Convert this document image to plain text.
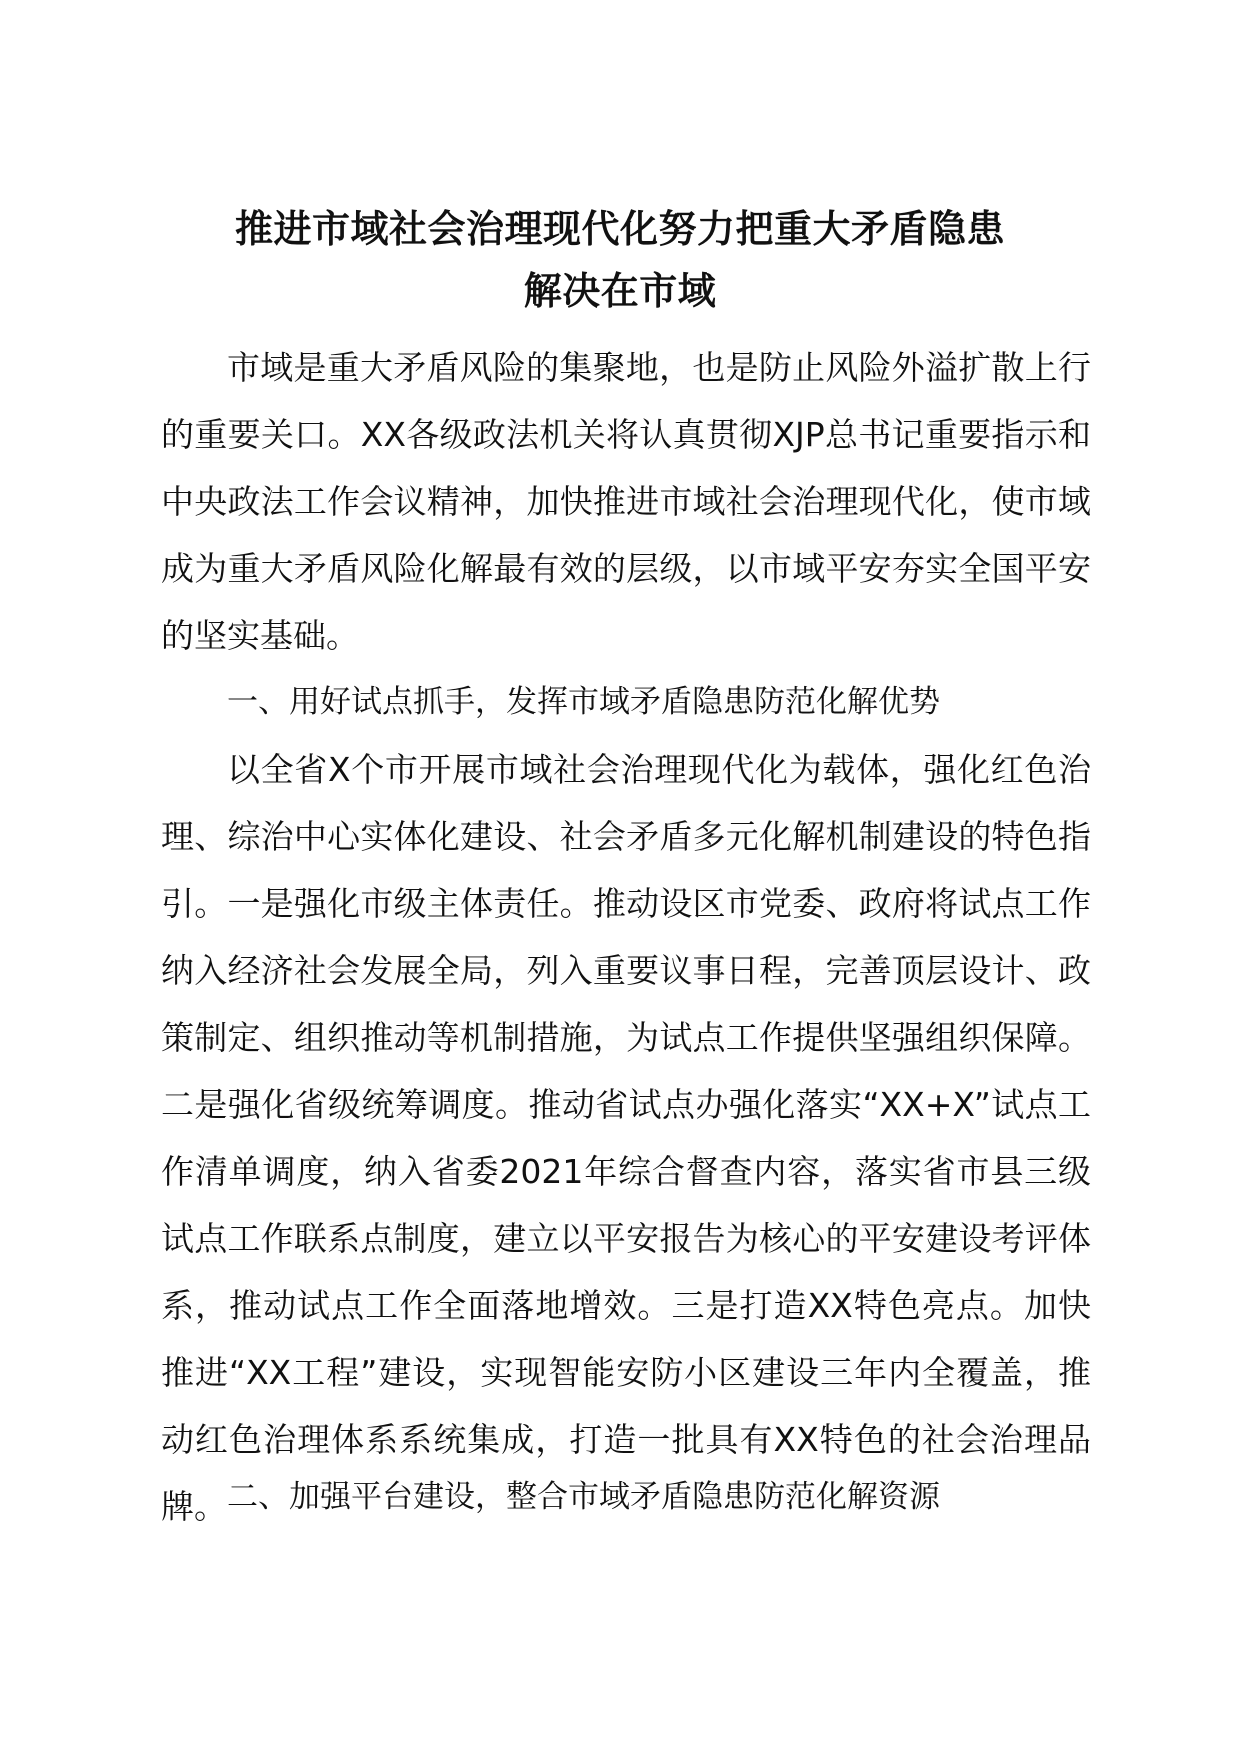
推进市域社会治理现代化努力把重大矛盾隐患
解决在市域

市域是重大矛盾风险的集聚地，也是防止风险外溢扩散上行的重要关口。XX各级政法机关将认真贯彻XJP总书记重要指示和中央政法工作会议精神，加快推进市域社会治理现代化，使市域成为重大矛盾风险化解最有效的层级，以市域平安夯实全国平安的坚实基础。

一、用好试点抓手，发挥市域矛盾隐患防范化解优势

以全省X个市开展市域社会治理现代化为载体，强化红色治理、综治中心实体化建设、社会矛盾多元化解机制建设的特色指引。一是强化市级主体责任。推动设区市党委、政府将试点工作纳入经济社会发展全局，列入重要议事日程，完善顶层设计、政策制定、组织推动等机制措施，为试点工作提供坚强组织保障。二是强化省级统筹调度。推动省试点办强化落实“XX+X”试点工作清单调度，纳入省委2021年综合督查内容，落实省市县三级试点工作联系点制度，建立以平安报告为核心的平安建设考评体系，推动试点工作全面落地增效。三是打造XX特色亮点。加快推进“XX工程”建设，实现智能安防小区建设三年内全覆盖，推动红色治理体系系统集成，打造一批具有XX特色的社会治理品牌。 二、加强平台建设，整合市域矛盾隐患防范化解资源
